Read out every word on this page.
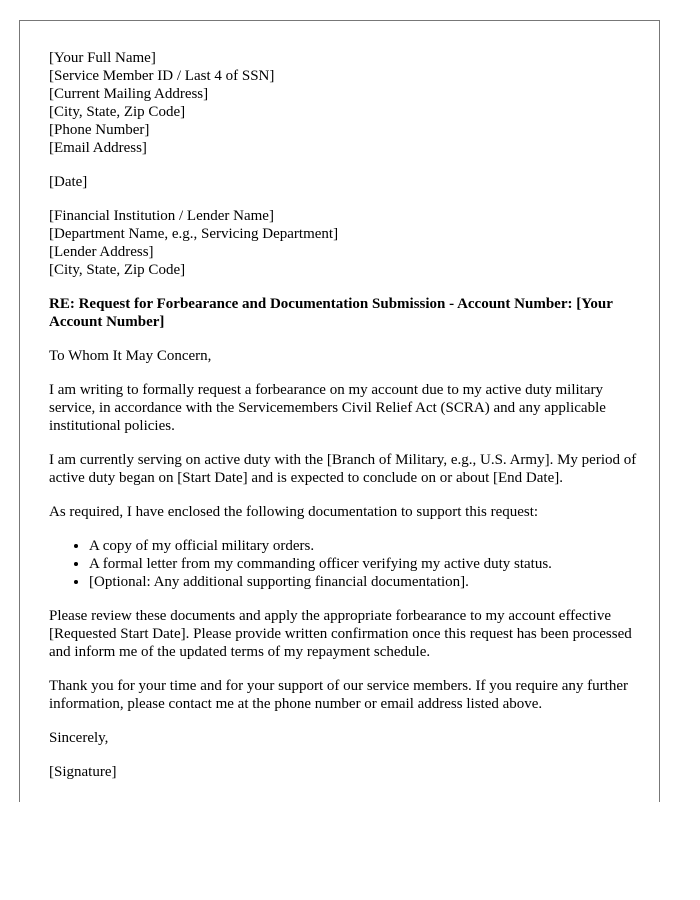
[Your Full Name]
[Service Member ID / Last 4 of SSN]
[Current Mailing Address]
[City, State, Zip Code]
[Phone Number]
[Email Address]
[Date]
[Financial Institution / Lender Name]
[Department Name, e.g., Servicing Department]
[Lender Address]
[City, State, Zip Code]
RE: Request for Forbearance and Documentation Submission - Account Number: [Your Account Number]

To Whom It May Concern,

I am writing to formally request a forbearance on my account due to my active duty military service, in accordance with the Servicemembers Civil Relief Act (SCRA) and any applicable institutional policies.

I am currently serving on active duty with the [Branch of Military, e.g., U.S. Army]. My period of active duty began on [Start Date] and is expected to conclude on or about [End Date].

As required, I have enclosed the following documentation to support this request:

• A copy of my official military orders.
• A formal letter from my commanding officer verifying my active duty status.
• [Optional: Any additional supporting financial documentation].

Please review these documents and apply the appropriate forbearance to my account effective [Requested Start Date]. Please provide written confirmation once this request has been processed and inform me of the updated terms of my repayment schedule.

Thank you for your time and for your support of our service members. If you require any further information, please contact me at the phone number or email address listed above.

Sincerely,

[Signature]
